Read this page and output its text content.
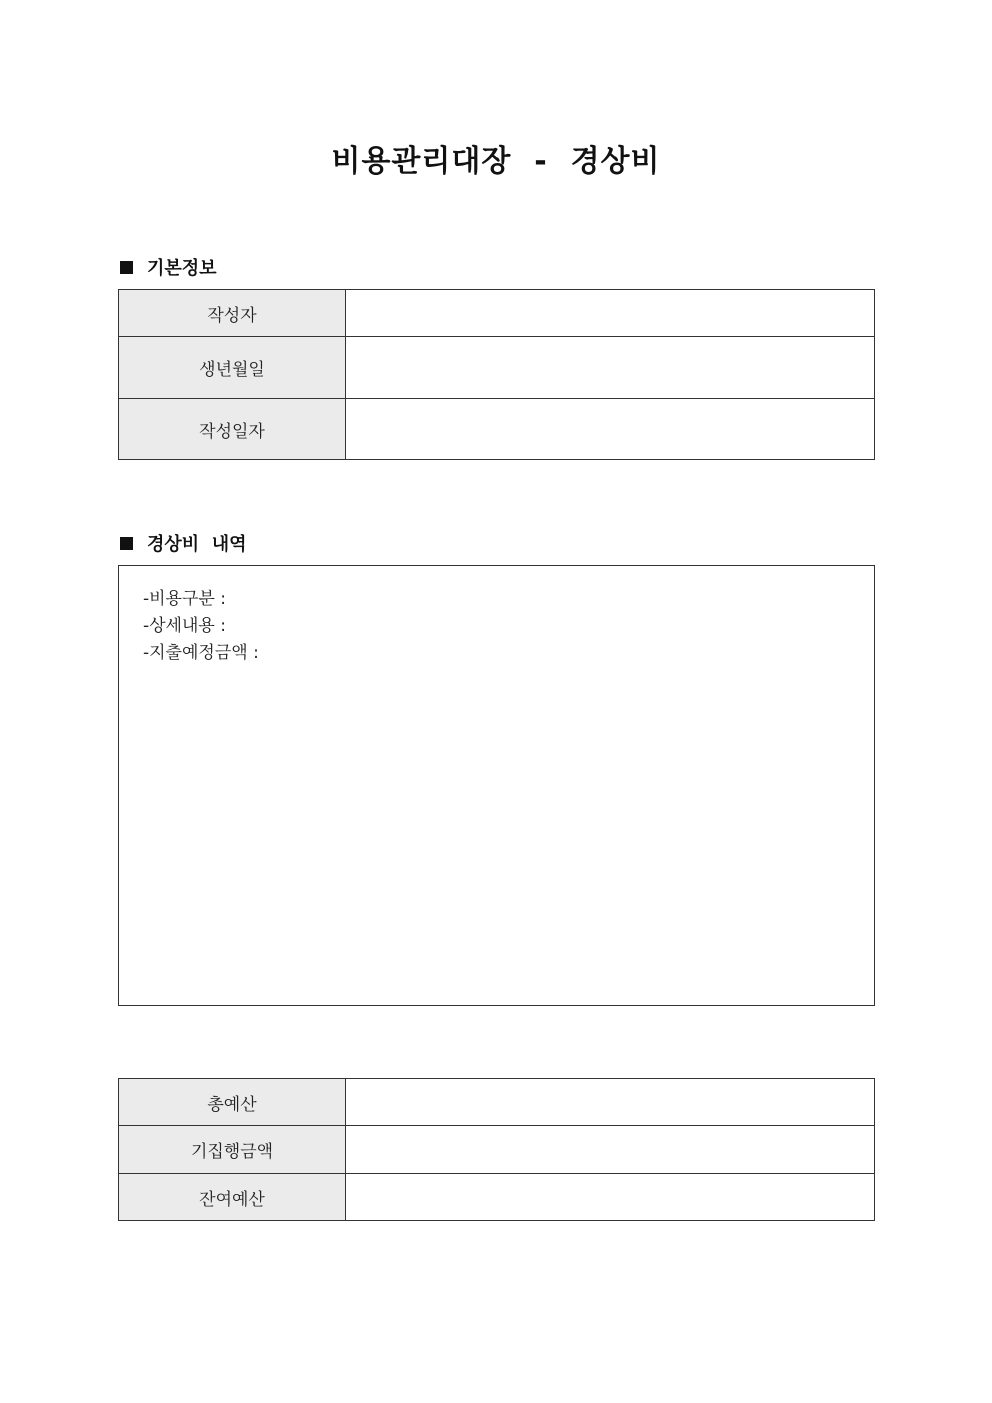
비용관리대장  -  경상비
기본정보
작성자	
생년월일	
작성일자	
경상비  내역
-비용구분 :
-상세내용 :
-지출예정금액 :
총예산	
기집행금액	
잔여예산	
